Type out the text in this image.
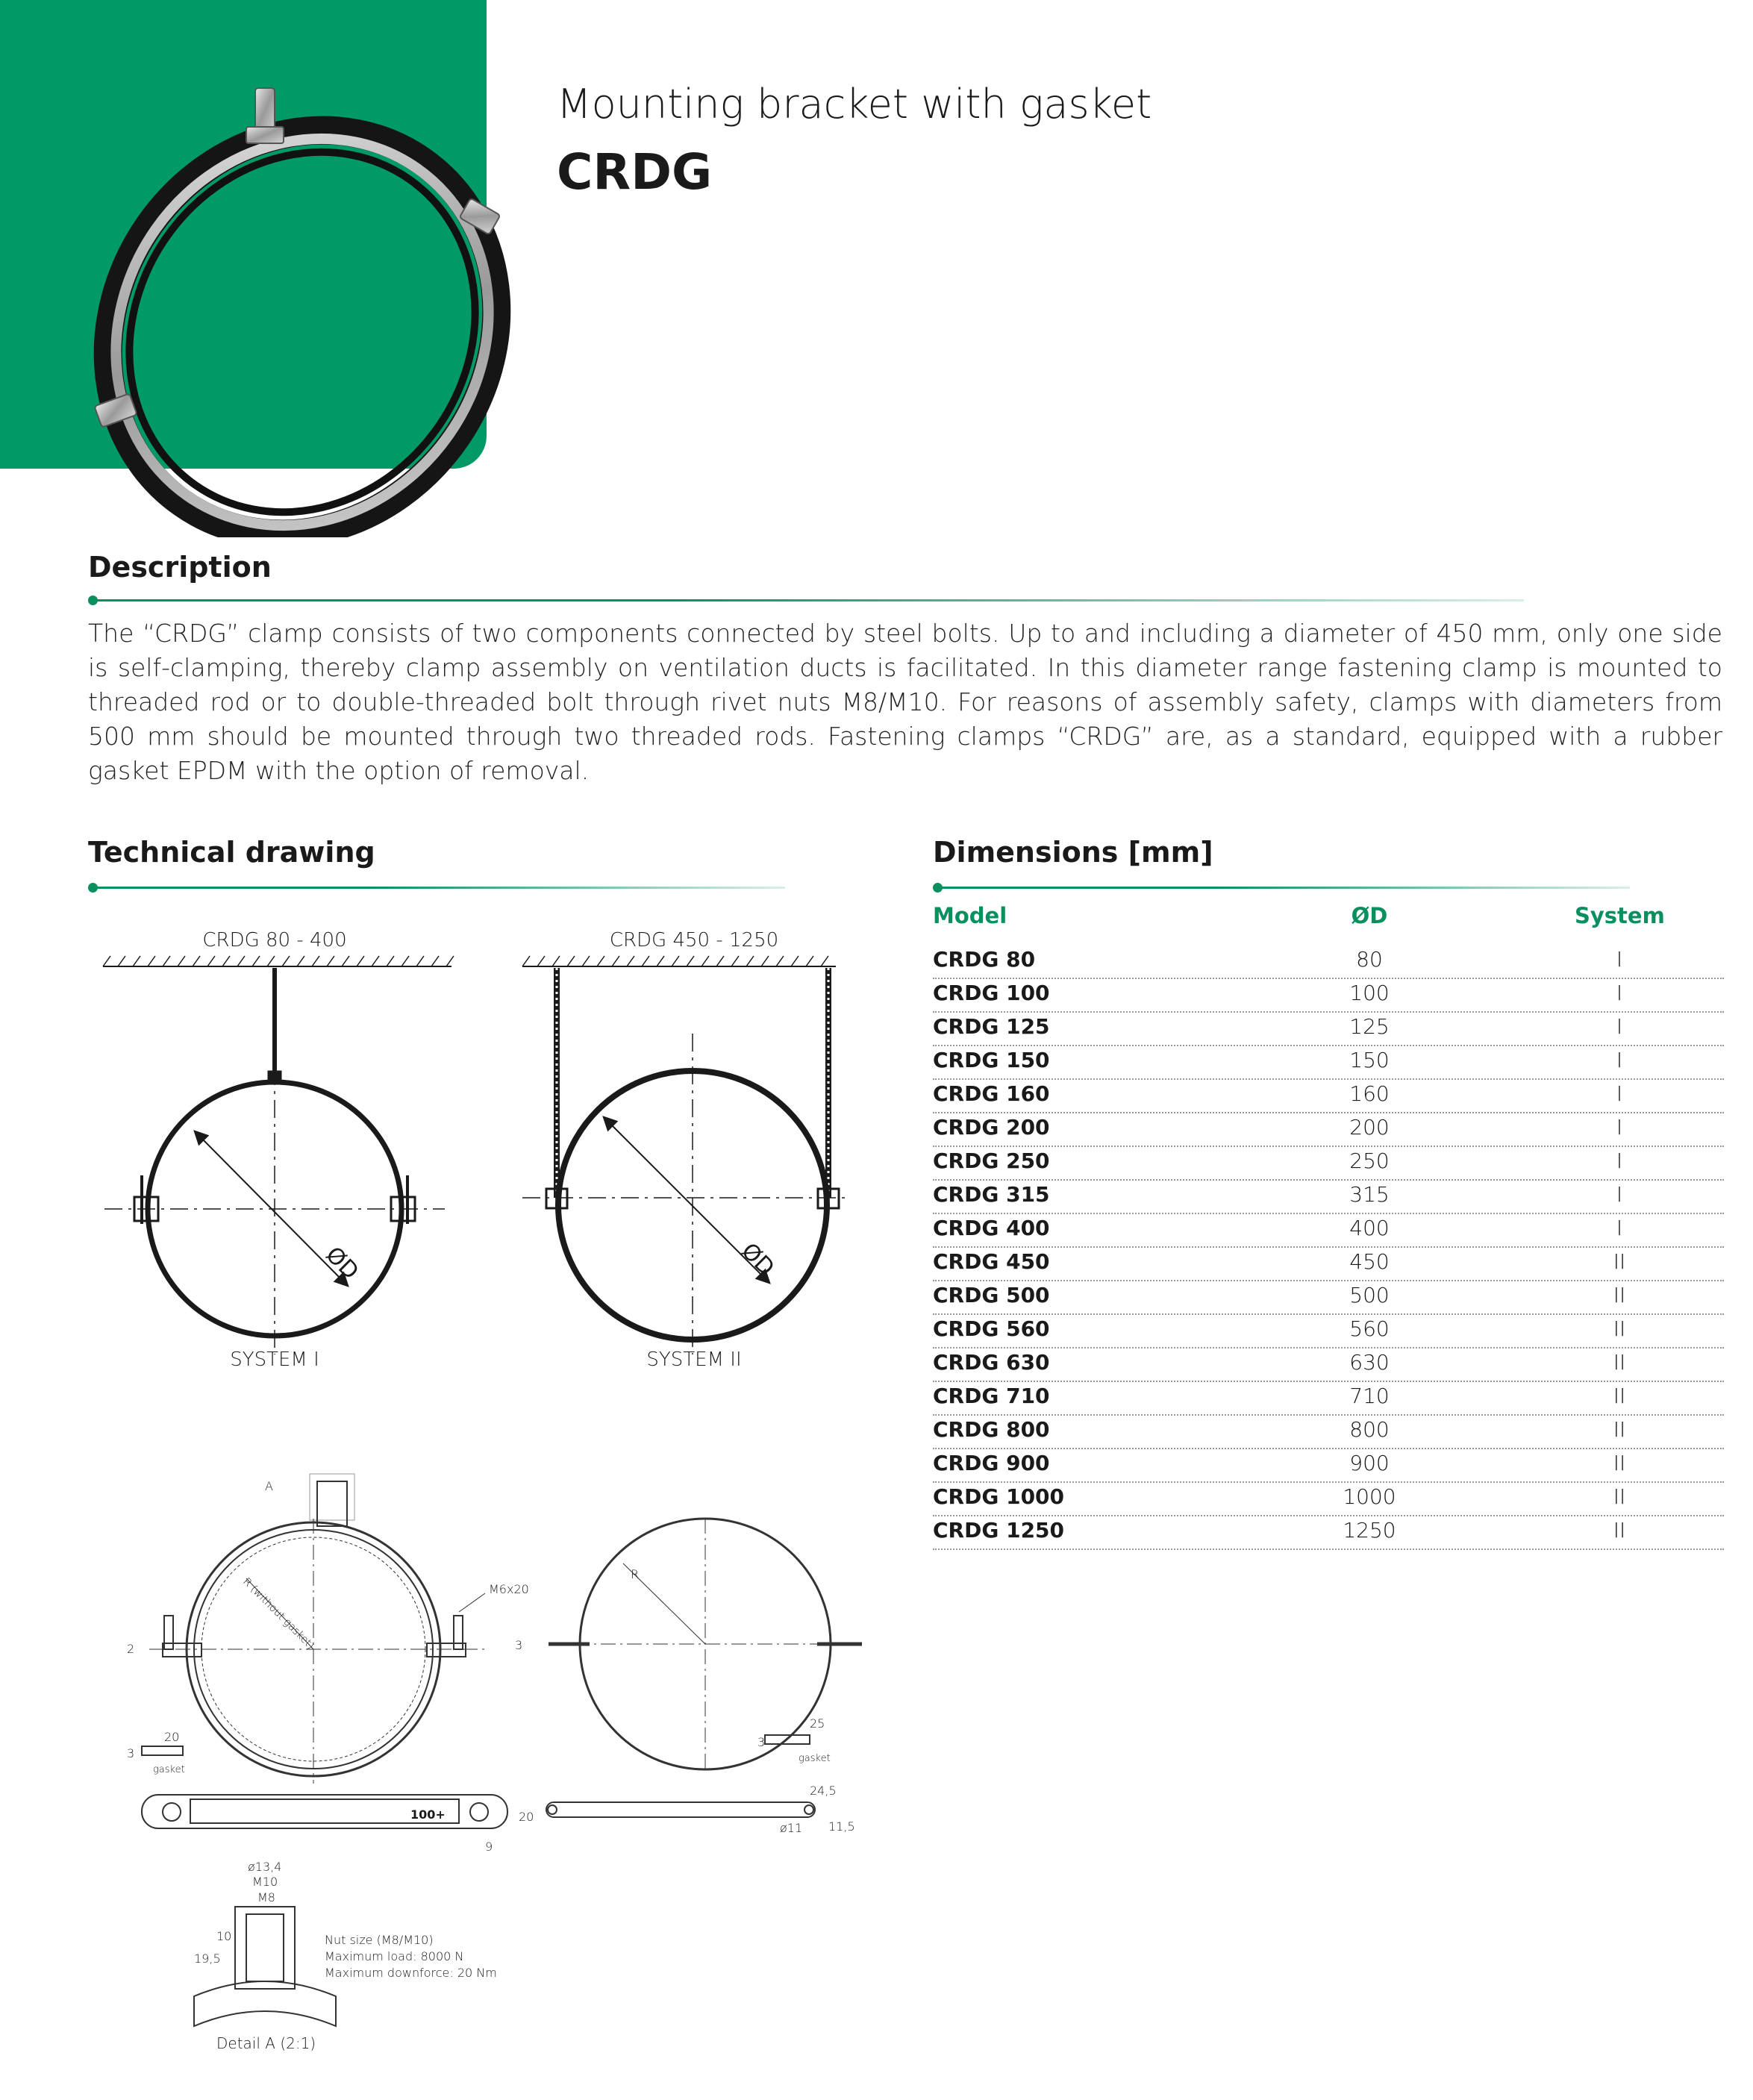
Mounting bracket with gasket
CRDG
Description
The “CRDG” clamp consists of two components connected by steel bolts. Up to and including a diameter of 450 mm, only one side is self-clamping, thereby clamp assembly on ventilation ducts is facilitated. In this diameter range fastening clamp is mounted to threaded rod or to double-threaded bolt through rivet nuts M8/M10. For reasons of assembly safety, clamps with diameters from 500 mm should be mounted through two threaded rods. Fastening clamps “CRDG” are, as a standard, equipped with a rubber gasket EPDM with the option of removal.
Technical drawing
CRDG 80 - 400	CRDG 450 - 1250
ØD
SYSTEM I
ØD
SYSTEM II
A
R (without gasket)
R
M6x20
2
3
3
3
20
25
gasket
gasket
20
9
100+
24,5
11,5
ø11
ø13,4
M10
M8
10
19,5
Nut size (M8/M10)
Maximum load: 8000 N
Maximum downforce: 20 Nm
Detail A (2:1)
Dimensions [mm]
Model	ØD	System
CRDG 80	80	I
CRDG 100	100	I
CRDG 125	125	I
CRDG 150	150	I
CRDG 160	160	I
CRDG 200	200	I
CRDG 250	250	I
CRDG 315	315	I
CRDG 400	400	I
CRDG 450	450	II
CRDG 500	500	II
CRDG 560	560	II
CRDG 630	630	II
CRDG 710	710	II
CRDG 800	800	II
CRDG 900	900	II
CRDG 1000	1000	II
CRDG 1250	1250	II
